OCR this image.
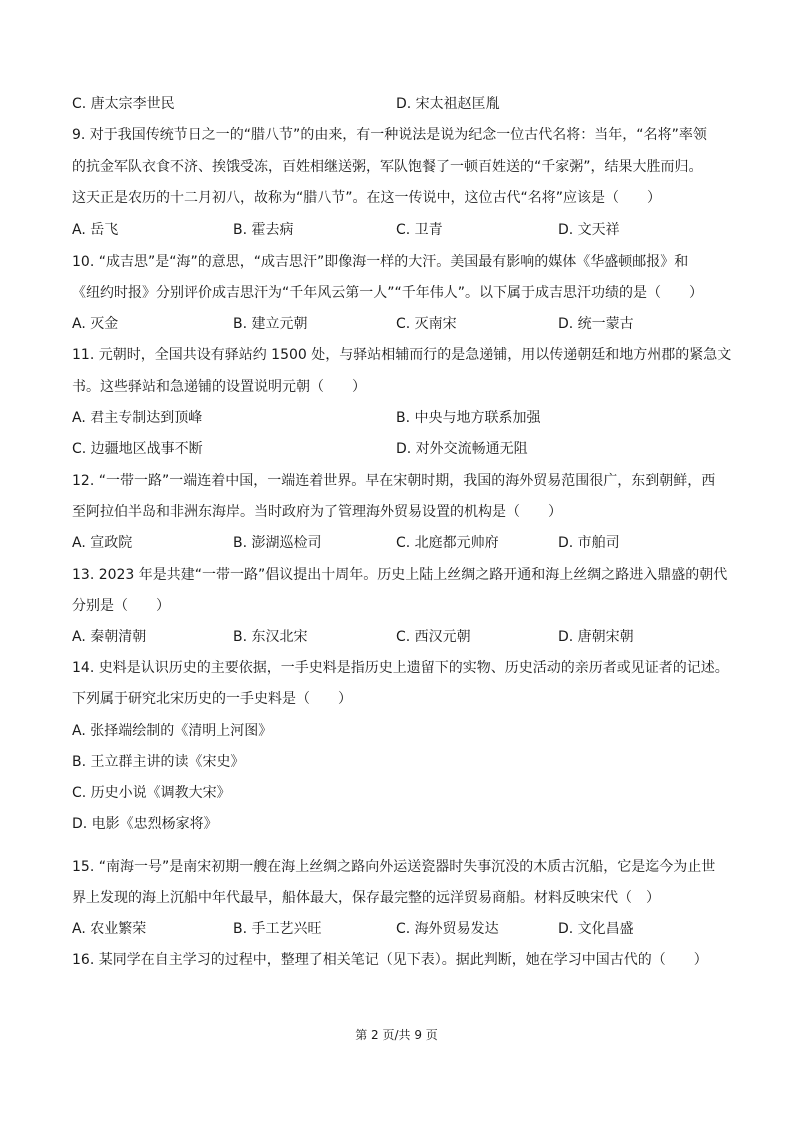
C. 唐太宗李世民	D. 宋太祖赵匡胤
9. 对于我国传统节日之一的“腊八节”的由来，有一种说法是说为纪念一位古代名将：当年，“名将”率领
的抗金军队衣食不济、挨饿受冻，百姓相继送粥，军队饱餐了一顿百姓送的“千家粥”，结果大胜而归。
这天正是农历的十二月初八，故称为“腊八节”。在这一传说中，这位古代“名将”应该是（　　）
A. 岳飞	B. 霍去病	C. 卫青	D. 文天祥
10. “成吉思”是“海”的意思，“成吉思汗”即像海一样的大汗。美国最有影响的媒体《华盛顿邮报》和
《纽约时报》分别评价成吉思汗为“千年风云第一人”“千年伟人”。以下属于成吉思汗功绩的是（　　）
A. 灭金	B. 建立元朝	C. 灭南宋	D. 统一蒙古
11. 元朝时，全国共设有驿站约 1500 处，与驿站相辅而行的是急递铺，用以传递朝廷和地方州郡的紧急文
书。这些驿站和急递铺的设置说明元朝（　　）
A. 君主专制达到顶峰	B. 中央与地方联系加强
C. 边疆地区战事不断	D. 对外交流畅通无阻
12. “一带一路”一端连着中国，一端连着世界。早在宋朝时期，我国的海外贸易范围很广，东到朝鲜，西
至阿拉伯半岛和非洲东海岸。当时政府为了管理海外贸易设置的机构是（　　）
A. 宣政院	B. 澎湖巡检司	C. 北庭都元帅府	D. 市舶司
13. 2023 年是共建“一带一路”倡议提出十周年。历史上陆上丝绸之路开通和海上丝绸之路进入鼎盛的朝代
分别是（　　）
A. 秦朝清朝	B. 东汉北宋	C. 西汉元朝	D. 唐朝宋朝
14. 史料是认识历史的主要依据，一手史料是指历史上遗留下的实物、历史活动的亲历者或见证者的记述。
下列属于研究北宋历史的一手史料是（　　）
A. 张择端绘制的《清明上河图》
B. 王立群主讲的读《宋史》
C. 历史小说《调教大宋》
D. 电影《忠烈杨家将》
15. “南海一号”是南宋初期一艘在海上丝绸之路向外运送瓷器时失事沉没的木质古沉船，它是迄今为止世
界上发现的海上沉船中年代最早，船体最大，保存最完整的远洋贸易商船。材料反映宋代（　）
A. 农业繁荣	B. 手工艺兴旺	C. 海外贸易发达	D. 文化昌盛
16. 某同学在自主学习的过程中，整理了相关笔记（见下表）。据此判断，她在学习中国古代的（　　）
第 2 页/共 9 页
